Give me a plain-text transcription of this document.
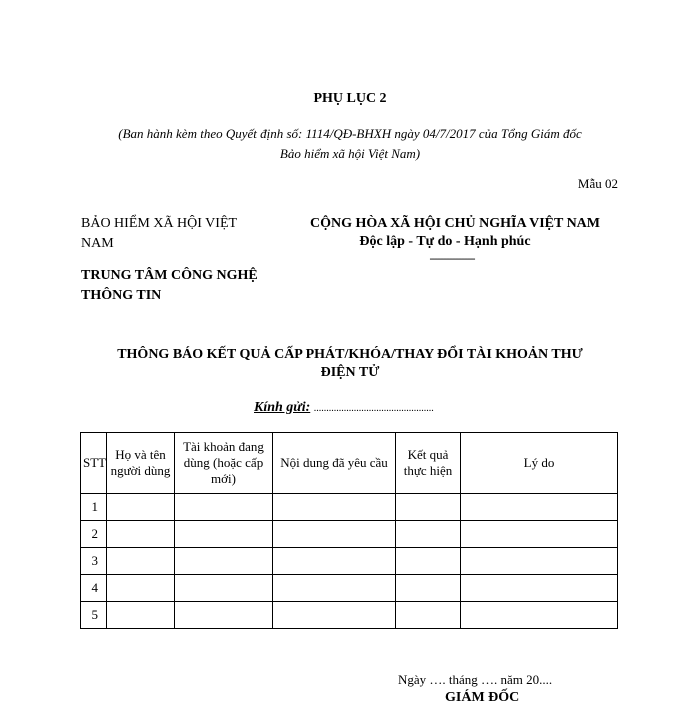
PHỤ LỤC 2
(Ban hành kèm theo Quyết định số: 1114/QĐ-BHXH ngày 04/7/2017 của Tổng Giám đốc
Bảo hiểm xã hội Việt Nam)
Mẫu 02
BẢO HIỂM XÃ HỘI VIỆT
NAM
TRUNG TÂM CÔNG NGHỆ
THÔNG TIN
CỘNG HÒA XÃ HỘI CHỦ NGHĨA VIỆT NAM
Độc lập - Tự do - Hạnh phúc
---------------
THÔNG BÁO KẾT QUẢ CẤP PHÁT/KHÓA/THAY ĐỔI TÀI KHOẢN THƯ
ĐIỆN TỬ
Kính gửi: ................................................
STT	Họ và tên người dùng	Tài khoản đang dùng (hoặc cấp mới)	Nội dung đã yêu cầu	Kết quả thực hiện	Lý do
1					
2					
3					
4					
5					
Ngày …. tháng …. năm 20....
GIÁM ĐỐC
